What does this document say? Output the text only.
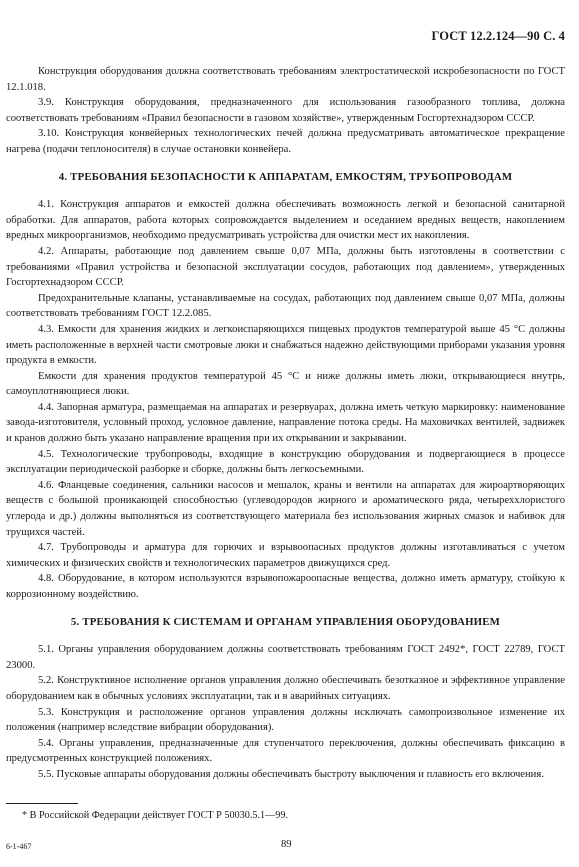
ГОСТ 12.2.124—90 С. 4

Конструкция оборудования должна соответствовать требованиям электростатической искробезопасности по ГОСТ 12.1.018.

3.9. Конструкция оборудования, предназначенного для использования газообразного топлива, должна соответствовать требованиям «Правил безопасности в газовом хозяйстве», утвержденным Госгортехнадзором СССР.

3.10. Конструкция конвейерных технологических печей должна предусматривать автоматическое прекращение нагрева (подачи теплоносителя) в случае остановки конвейера.

4. ТРЕБОВАНИЯ БЕЗОПАСНОСТИ К АППАРАТАМ, ЕМКОСТЯМ, ТРУБОПРОВОДАМ

4.1. Конструкция аппаратов и емкостей должна обеспечивать возможность легкой и безопасной санитарной обработки. Для аппаратов, работа которых сопровождается выделением и оседанием вредных веществ, накоплением вредных микроорганизмов, необходимо предусматривать устройства для очистки мест их накопления.

4.2. Аппараты, работающие под давлением свыше 0,07 МПа, должны быть изготовлены в соответствии с требованиями «Правил устройства и безопасной эксплуатации сосудов, работающих под давлением», утвержденных Госгортехнадзором СССР.

Предохранительные клапаны, устанавливаемые на сосудах, работающих под давлением свыше 0,07 МПа, должны соответствовать требованиям ГОСТ 12.2.085.

4.3. Емкости для хранения жидких и легкоиспаряющихся пищевых продуктов температурой выше 45 °С должны иметь расположенные в верхней части смотровые люки и снабжаться надежно действующими приборами указания уровня продукта в емкости.

Емкости для хранения продуктов температурой 45 °С и ниже должны иметь люки, открывающиеся внутрь, самоуплотняющиеся люки.

4.4. Запорная арматура, размещаемая на аппаратах и резервуарах, должна иметь четкую маркировку: наименование завода-изготовителя, условный проход, условное давление, направление потока среды. На маховичках вентилей, задвижек и кранов должно быть указано направление вращения при их открывании и закрывании.

4.5. Технологические трубопроводы, входящие в конструкцию оборудования и подвергающиеся в процессе эксплуатации периодической разборке и сборке, должны быть легкосъемными.

4.6. Фланцевые соединения, сальники насосов и мешалок, краны и вентили на аппаратах для жироартворяющих веществ с большой проникающей способностью (углеводородов жирного и ароматического ряда, четыреххлористого углерода и др.) должны выполняться из соответствующего материала без использования жирных смазок и набивок для трущихся частей.

4.7. Трубопроводы и арматура для горючих и взрывоопасных продуктов должны изготавливаться с учетом химических и физических свойств и технологических параметров движущихся сред.

4.8. Оборудование, в котором используются взрывопожароопасные вещества, должно иметь арматуру, стойкую к коррозионному воздействию.

5. ТРЕБОВАНИЯ К СИСТЕМАМ И ОРГАНАМ УПРАВЛЕНИЯ ОБОРУДОВАНИЕМ

5.1. Органы управления оборудованием должны соответствовать требованиям ГОСТ 2492*, ГОСТ 22789, ГОСТ 23000.

5.2. Конструктивное исполнение органов управления должно обеспечивать безотказное и эффективное управление оборудованием как в обычных условиях эксплуатации, так и в аварийных ситуациях.

5.3. Конструкция и расположение органов управления должны исключать самопроизвольное изменение их положения (например вследствие вибрации оборудования).

5.4. Органы управления, предназначенные для ступенчатого переключения, должны обеспечивать фиксацию в предусмотренных конструкцией положениях.

5.5. Пусковые аппараты оборудования должны обеспечивать быстроту выключения и плавность его включения.

* В Российской Федерации действует ГОСТ Р 50030.5.1—99.
6-1-467	89
